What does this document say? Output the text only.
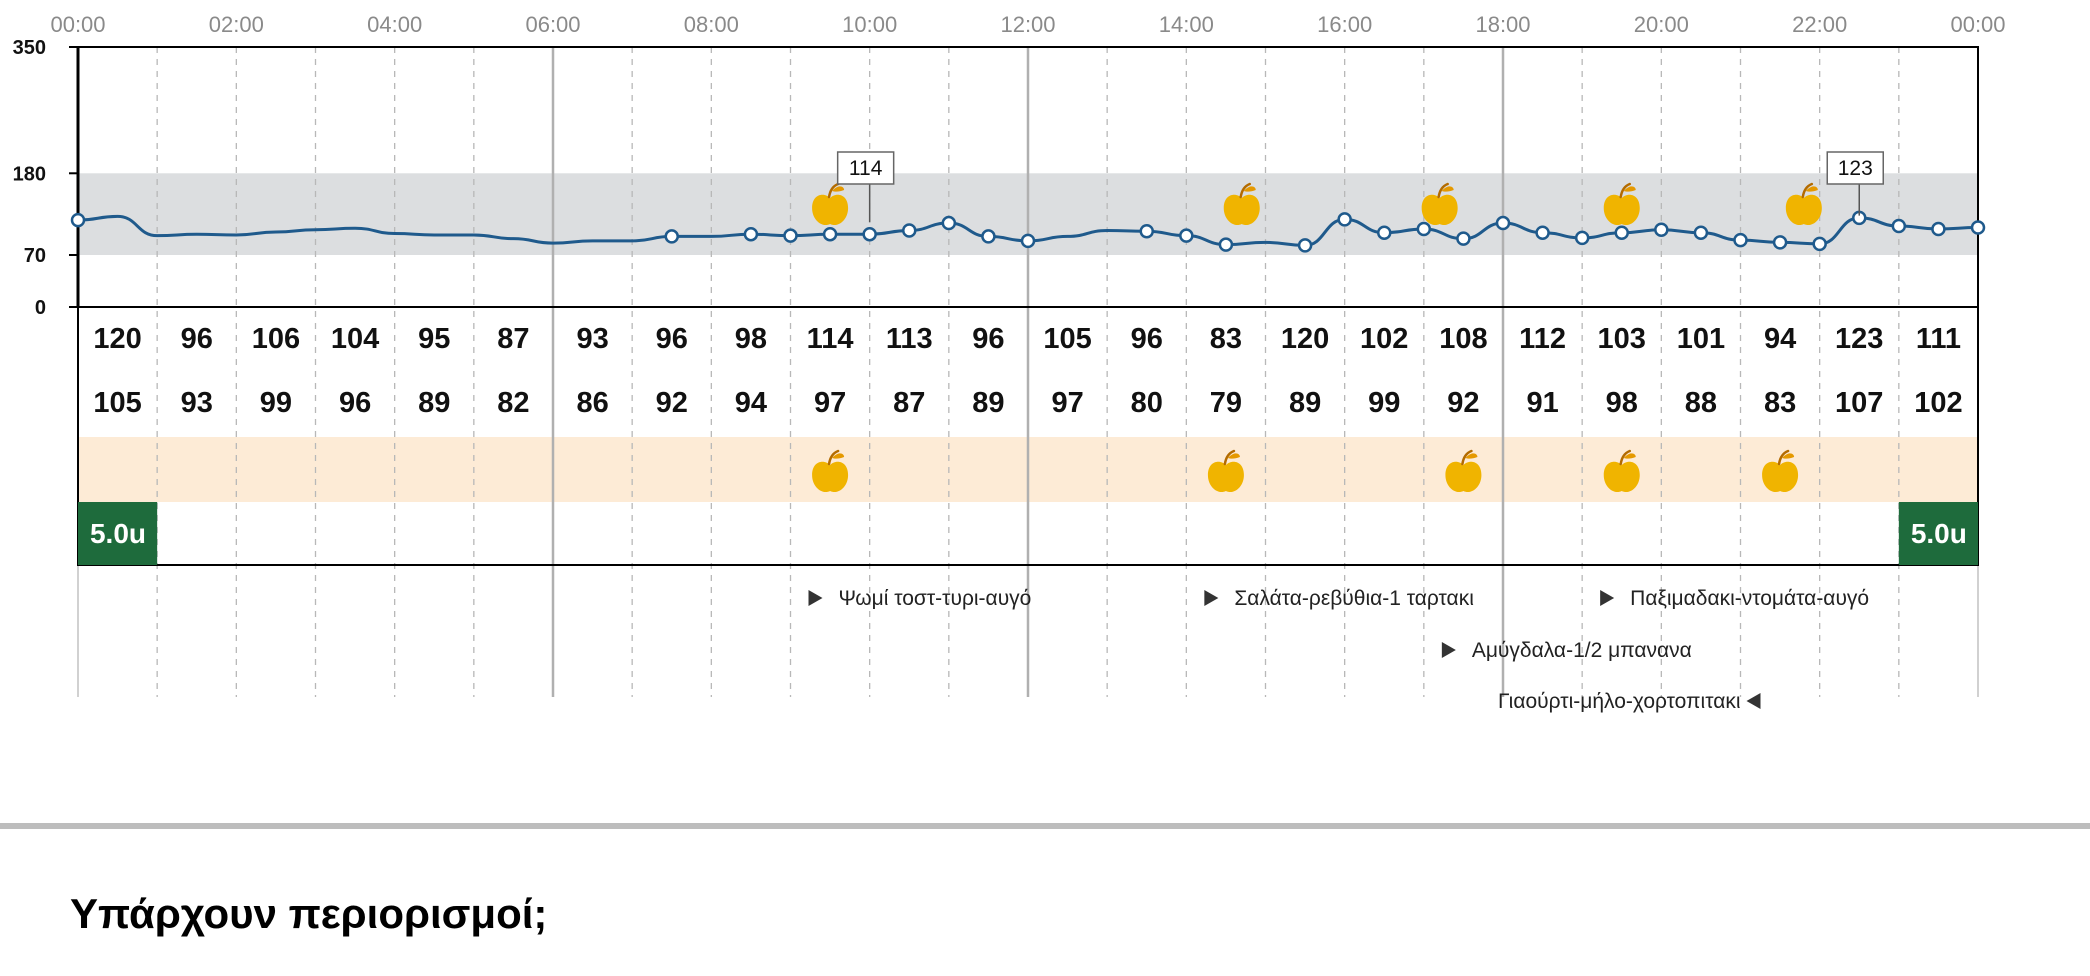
00:00	02:00	04:00	06:00	08:00	10:00	12:00	14:00	16:00	18:00	20:00	22:00	00:00
350
180
70
0
114	123
120 96 106 104 95 87 93 96 98 114 113 96 105 96 83 120 102 108 112 103 101 94 123 111
105 93 99 96 89 82 86 92 94 97 87 89 97 80 79 89 99 92 91 98 88 83 107 102
5.0u	5.0u
Ψωμί τοστ-τυρι-αυγό	Σαλάτα-ρεβύθια-1 ταρτακι	Παξιμαδακι-ντομάτα-αυγό
Αμύγδαλα-1/2 μπανανα
Γιαούρτι-μήλο-χορτοπιτακι
Υπάρχουν περιορισμοί;
